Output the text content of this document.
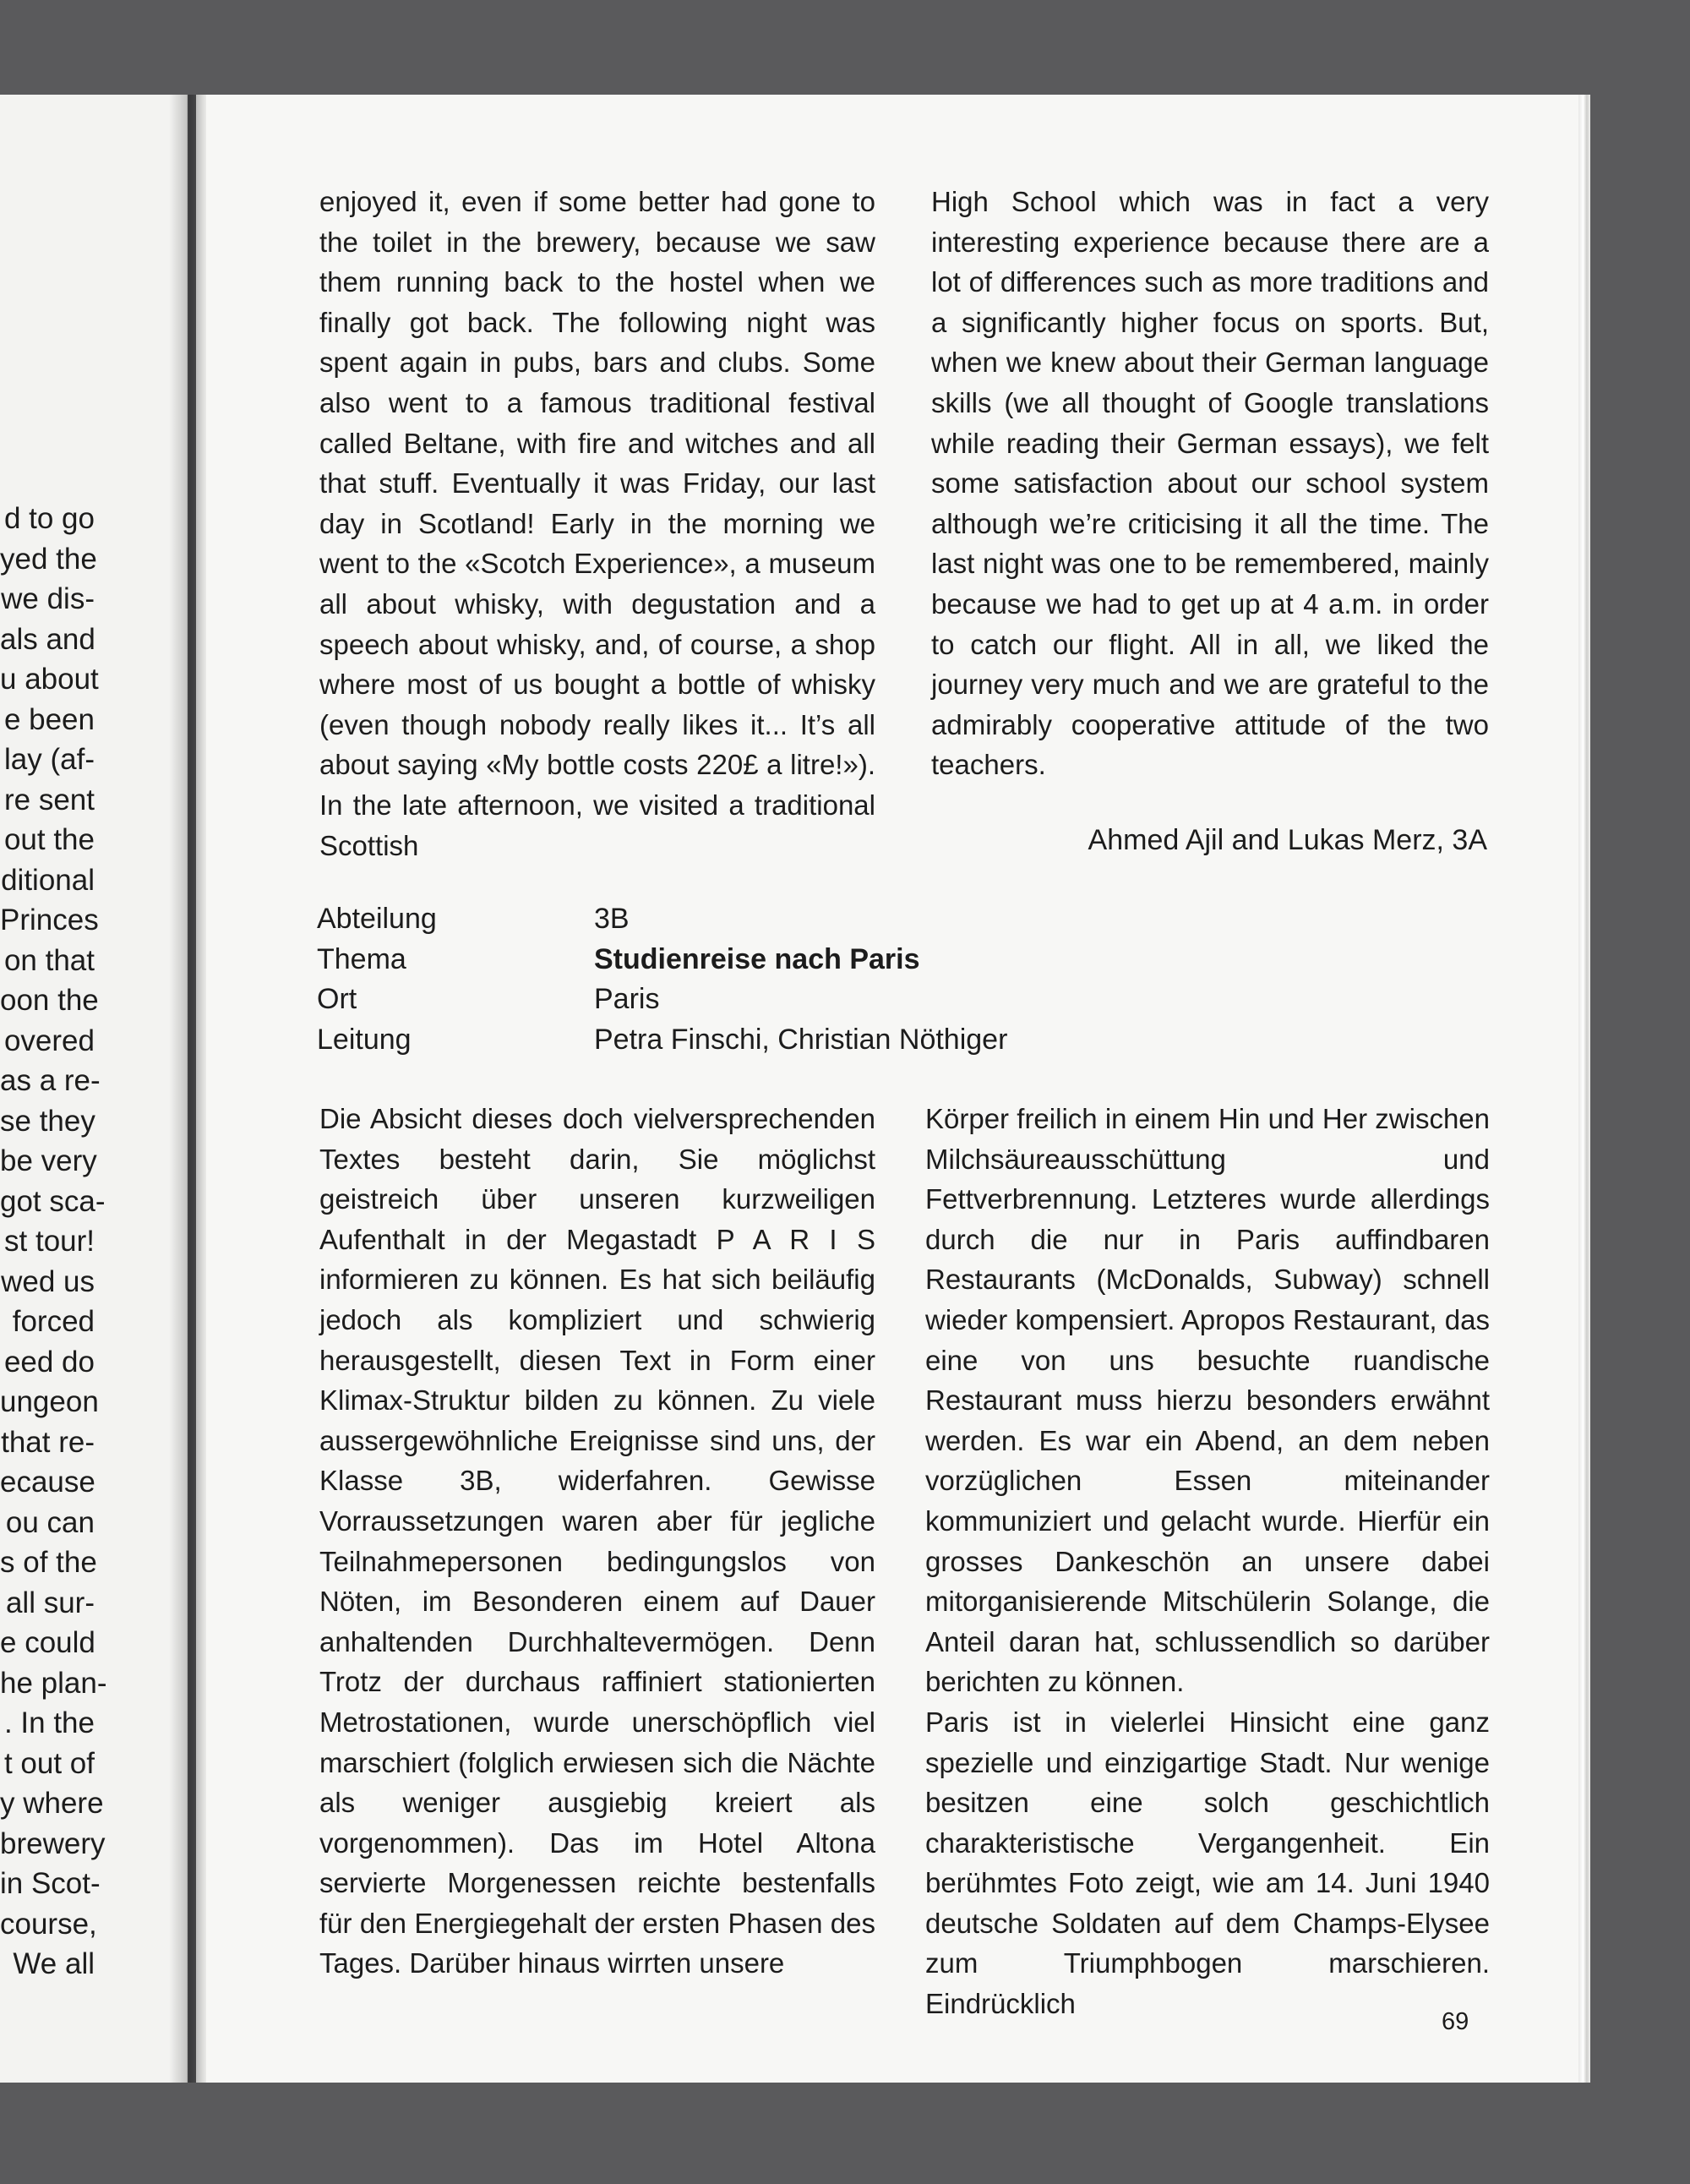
d to go
yed the
we dis-
als and
u about
e been
lay (af-
re sent
out the
ditional
Princes
on that
oon the
overed
as a re-
se they
be very
got sca-
st tour!
wed us
forced
eed do
ungeon
that re-
ecause
ou can
s of the
all sur-
e could
he plan-
. In the
t out of
y where
brewery
in Scot-
course,
We all

enjoyed it, even if some better had gone to the toilet in the brewery, because we saw them running back to the hostel when we finally got back. The following night was spent again in pubs, bars and clubs. Some also went to a famous traditional festival called Beltane, with fire and witches and all that stuff. Eventually it was Friday, our last day in Scotland! Early in the morning we went to the «Scotch Experience», a museum all about whisky, with degustation and a speech about whisky, and, of course, a shop where most of us bought a bottle of whisky (even though nobody really likes it... It’s all about saying «My bottle costs 220£ a litre!»). In the late afternoon, we visited a traditional Scottish

High School which was in fact a very interesting experience because there are a lot of differences such as more traditions and a significantly higher focus on sports. But, when we knew about their German language skills (we all thought of Google translations while reading their German essays), we felt some satisfaction about our school system although we’re criticising it all the time. The last night was one to be remembered, mainly because we had to get up at 4 a.m. in order to catch our flight. All in all, we liked the journey very much and we are grateful to the admirably cooperative attitude of the two teachers.

Ahmed Ajil and Lukas Merz, 3A
Abteilung	3B
Thema	Studienreise nach Paris
Ort	Paris
Leitung	Petra Finschi, Christian Nöthiger

Die Absicht dieses doch vielversprechenden Textes besteht darin, Sie möglichst geistreich über unseren kurzweiligen Aufenthalt in der Megastadt P A R I S informieren zu können. Es hat sich beiläufig jedoch als kompliziert und schwierig herausgestellt, diesen Text in Form einer Klimax-Struktur bilden zu können. Zu viele aussergewöhnliche Ereignisse sind uns, der Klasse 3B, widerfahren. Gewisse Vorraussetzungen waren aber für jegliche Teilnahmepersonen bedingungslos von Nöten, im Besonderen einem auf Dauer anhaltenden Durchhaltevermögen. Denn Trotz der durchaus raffiniert stationierten Metrostationen, wurde unerschöpflich viel marschiert (folglich erwiesen sich die Nächte als weniger ausgiebig kreiert als vorgenommen). Das im Hotel Altona servierte Morgenessen reichte bestenfalls für den Energiegehalt der ersten Phasen des Tages. Darüber hinaus wirrten unsere

Körper freilich in einem Hin und Her zwischen Milchsäureausschüttung und Fettverbrennung. Letzteres wurde allerdings durch die nur in Paris auffindbaren Restaurants (McDonalds, Subway) schnell wieder kompensiert. Apropos Restaurant, das eine von uns besuchte ruandische Restaurant muss hierzu besonders erwähnt werden. Es war ein Abend, an dem neben vorzüglichen Essen miteinander kommuniziert und gelacht wurde. Hierfür ein grosses Dankeschön an unsere dabei mitorganisierende Mitschülerin Solange, die Anteil daran hat, schlussendlich so darüber berichten zu können.

Paris ist in vielerlei Hinsicht eine ganz spezielle und einzigartige Stadt. Nur wenige besitzen eine solch geschichtlich charakteristische Vergangenheit. Ein berühmtes Foto zeigt, wie am 14. Juni 1940 deutsche Soldaten auf dem Champs-Elysee zum Triumphbogen marschieren. Eindrücklich

69
